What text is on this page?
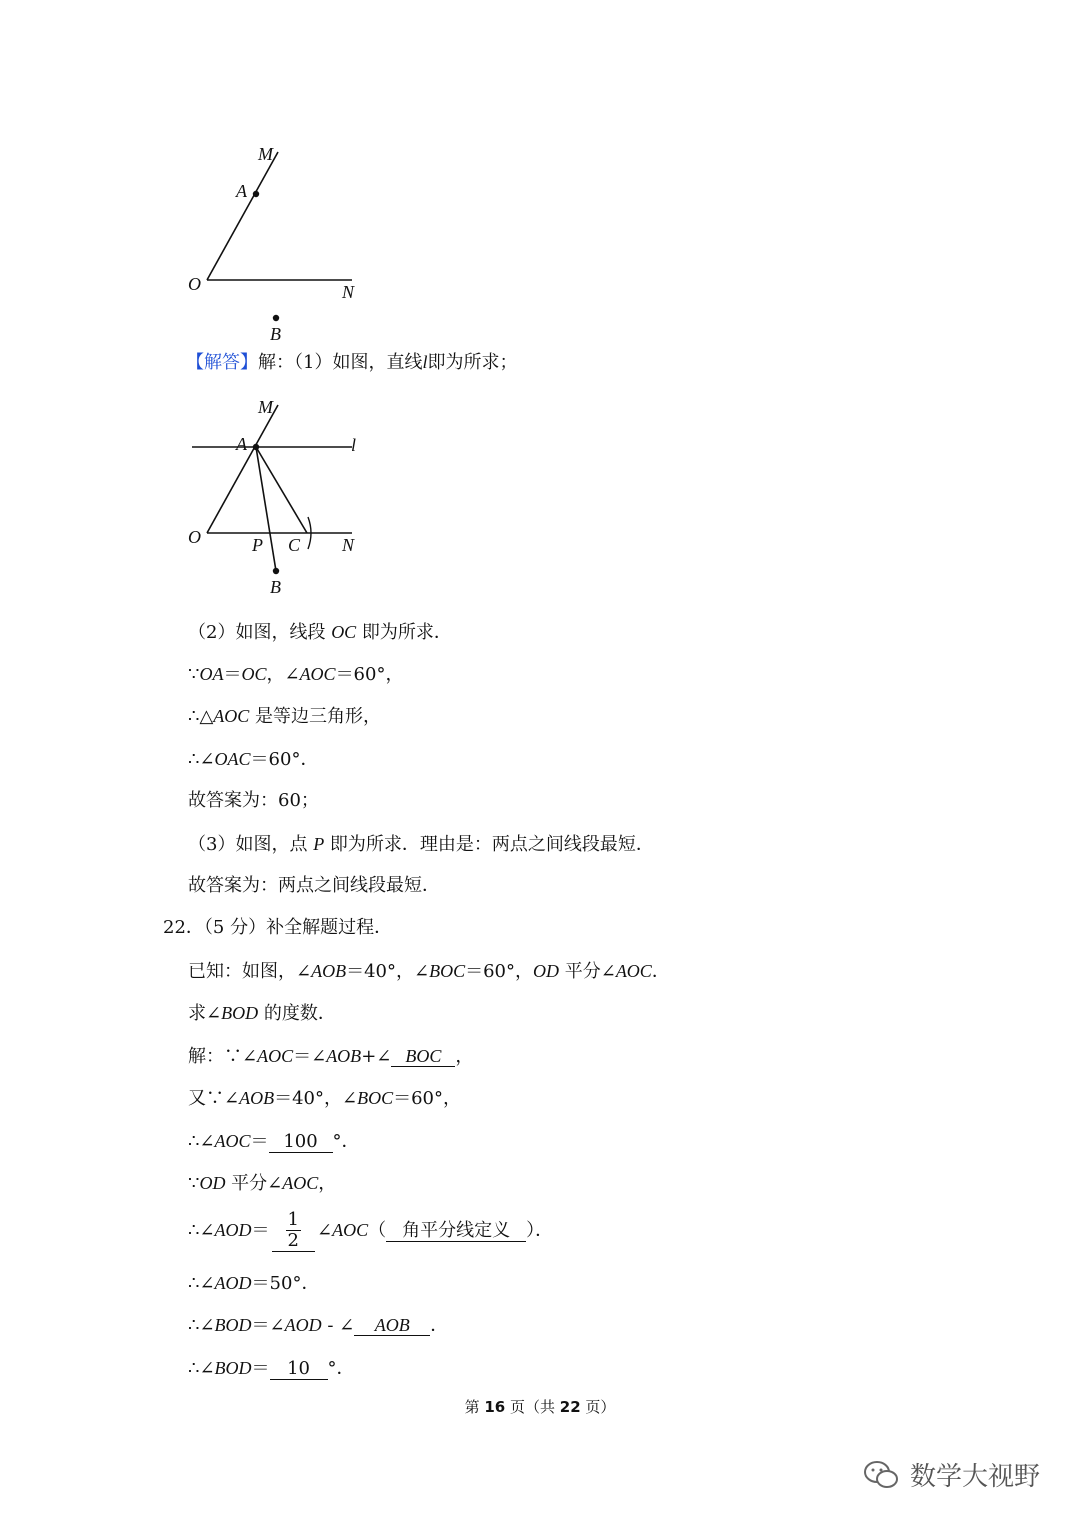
M
A
O	N
B
【解答】解：（1）如图，直线l即为所求；
M
A	l
O	P C N
B
（2）如图，线段 OC 即为所求．
∵OA＝OC，∠AOC＝60°，
∴△AOC 是等边三角形，
∴∠OAC＝60°．
故答案为：60；
（3）如图，点 P 即为所求．理由是：两点之间线段最短．
故答案为：两点之间线段最短．
22．（5 分）补全解题过程．
已知：如图，∠AOB＝40°，∠BOC＝60°，OD 平分∠AOC．
求∠BOD 的度数．
解：∵∠AOC＝∠AOB+∠ BOC ，
又∵∠AOB＝40°，∠BOC＝60°，
∴∠AOC＝ 100 °．
∵OD 平分∠AOC，
∴∠AOD＝ $\frac{1}{2}$ ∠AOC（ 角平分线定义 ）．
∴∠AOD＝50°．
∴∠BOD＝∠AOD - ∠ AOB ．
∴∠BOD＝ 10 °．
第 16 页（共 22 页）
数学大视野
